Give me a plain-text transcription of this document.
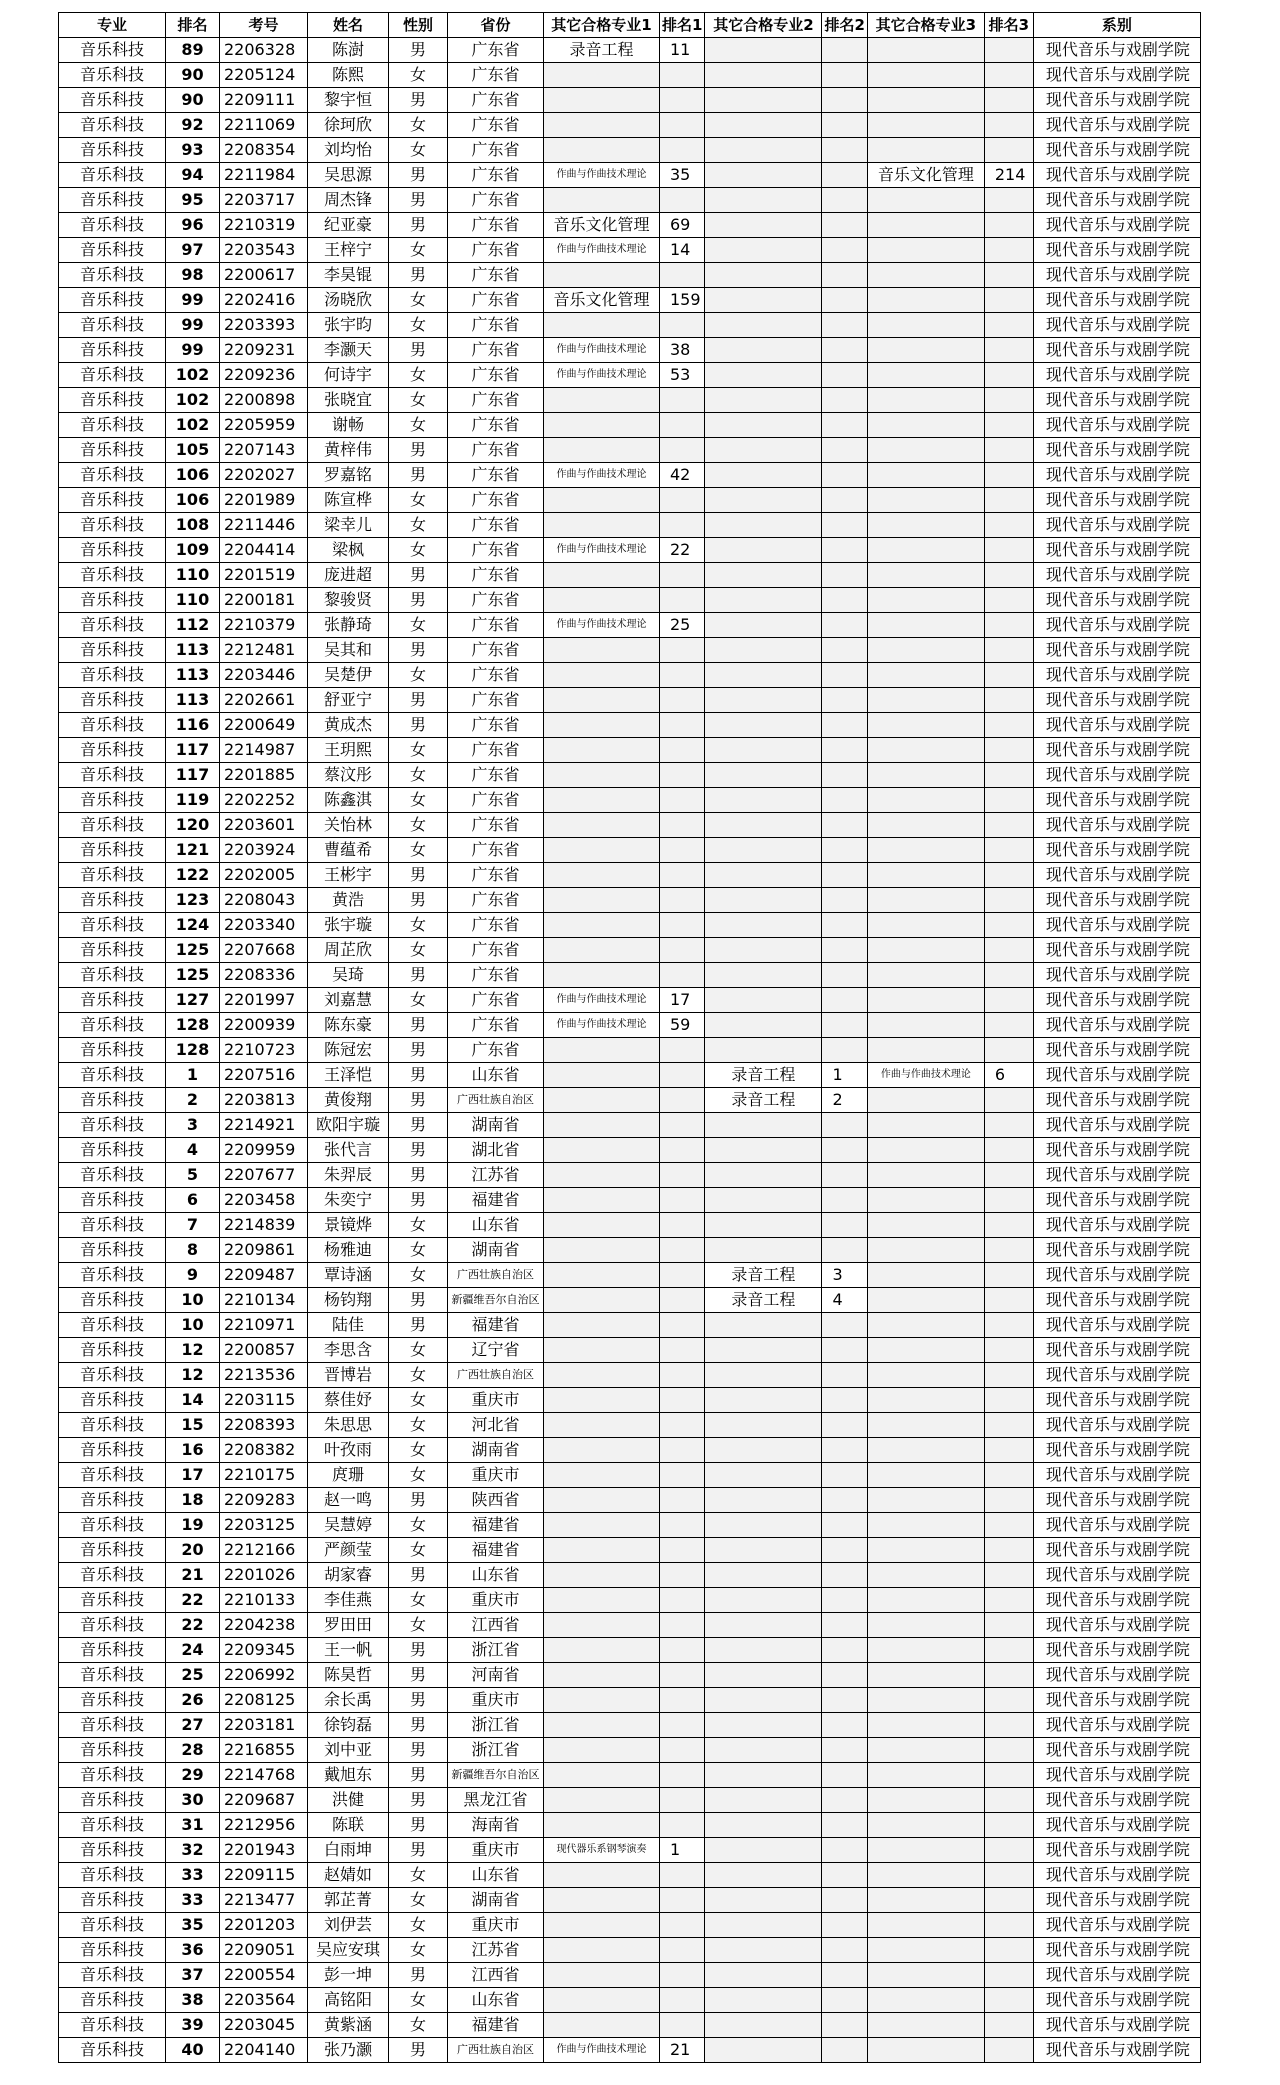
专业	排名	考号	姓名	性别	省份	其它合格专业1	排名1	其它合格专业2	排名2	其它合格专业3	排名3	系别
音乐科技	89	2206328	陈澍	男	广东省	录音工程	11					现代音乐与戏剧学院
音乐科技	90	2205124	陈熙	女	广东省							现代音乐与戏剧学院
音乐科技	90	2209111	黎宇恒	男	广东省							现代音乐与戏剧学院
音乐科技	92	2211069	徐珂欣	女	广东省							现代音乐与戏剧学院
音乐科技	93	2208354	刘均怡	女	广东省							现代音乐与戏剧学院
音乐科技	94	2211984	吴思源	男	广东省	作曲与作曲技术理论	35			音乐文化管理	214	现代音乐与戏剧学院
音乐科技	95	2203717	周杰锋	男	广东省							现代音乐与戏剧学院
音乐科技	96	2210319	纪亚豪	男	广东省	音乐文化管理	69					现代音乐与戏剧学院
音乐科技	97	2203543	王梓宁	女	广东省	作曲与作曲技术理论	14					现代音乐与戏剧学院
音乐科技	98	2200617	李昊锟	男	广东省							现代音乐与戏剧学院
音乐科技	99	2202416	汤晓欣	女	广东省	音乐文化管理	159					现代音乐与戏剧学院
音乐科技	99	2203393	张宇昀	女	广东省							现代音乐与戏剧学院
音乐科技	99	2209231	李灏天	男	广东省	作曲与作曲技术理论	38					现代音乐与戏剧学院
音乐科技	102	2209236	何诗宇	女	广东省	作曲与作曲技术理论	53					现代音乐与戏剧学院
音乐科技	102	2200898	张晓宜	女	广东省							现代音乐与戏剧学院
音乐科技	102	2205959	谢畅	女	广东省							现代音乐与戏剧学院
音乐科技	105	2207143	黄梓伟	男	广东省							现代音乐与戏剧学院
音乐科技	106	2202027	罗嘉铭	男	广东省	作曲与作曲技术理论	42					现代音乐与戏剧学院
音乐科技	106	2201989	陈宣桦	女	广东省							现代音乐与戏剧学院
音乐科技	108	2211446	梁幸儿	女	广东省							现代音乐与戏剧学院
音乐科技	109	2204414	梁枫	女	广东省	作曲与作曲技术理论	22					现代音乐与戏剧学院
音乐科技	110	2201519	庞进超	男	广东省							现代音乐与戏剧学院
音乐科技	110	2200181	黎骏贤	男	广东省							现代音乐与戏剧学院
音乐科技	112	2210379	张静琦	女	广东省	作曲与作曲技术理论	25					现代音乐与戏剧学院
音乐科技	113	2212481	吴其和	男	广东省							现代音乐与戏剧学院
音乐科技	113	2203446	吴楚伊	女	广东省							现代音乐与戏剧学院
音乐科技	113	2202661	舒亚宁	男	广东省							现代音乐与戏剧学院
音乐科技	116	2200649	黄成杰	男	广东省							现代音乐与戏剧学院
音乐科技	117	2214987	王玥熙	女	广东省							现代音乐与戏剧学院
音乐科技	117	2201885	蔡汶彤	女	广东省							现代音乐与戏剧学院
音乐科技	119	2202252	陈鑫淇	女	广东省							现代音乐与戏剧学院
音乐科技	120	2203601	关怡林	女	广东省							现代音乐与戏剧学院
音乐科技	121	2203924	曹蕴希	女	广东省							现代音乐与戏剧学院
音乐科技	122	2202005	王彬宇	男	广东省							现代音乐与戏剧学院
音乐科技	123	2208043	黄浩	男	广东省							现代音乐与戏剧学院
音乐科技	124	2203340	张宇璇	女	广东省							现代音乐与戏剧学院
音乐科技	125	2207668	周芷欣	女	广东省							现代音乐与戏剧学院
音乐科技	125	2208336	吴琦	男	广东省							现代音乐与戏剧学院
音乐科技	127	2201997	刘嘉慧	女	广东省	作曲与作曲技术理论	17					现代音乐与戏剧学院
音乐科技	128	2200939	陈东豪	男	广东省	作曲与作曲技术理论	59					现代音乐与戏剧学院
音乐科技	128	2210723	陈冠宏	男	广东省							现代音乐与戏剧学院
音乐科技	1	2207516	王泽恺	男	山东省			录音工程	1	作曲与作曲技术理论	6	现代音乐与戏剧学院
音乐科技	2	2203813	黄俊翔	男	广西壮族自治区			录音工程	2			现代音乐与戏剧学院
音乐科技	3	2214921	欧阳宇璇	男	湖南省							现代音乐与戏剧学院
音乐科技	4	2209959	张代言	男	湖北省							现代音乐与戏剧学院
音乐科技	5	2207677	朱羿辰	男	江苏省							现代音乐与戏剧学院
音乐科技	6	2203458	朱奕宁	男	福建省							现代音乐与戏剧学院
音乐科技	7	2214839	景镜烨	女	山东省							现代音乐与戏剧学院
音乐科技	8	2209861	杨雅迪	女	湖南省							现代音乐与戏剧学院
音乐科技	9	2209487	覃诗涵	女	广西壮族自治区			录音工程	3			现代音乐与戏剧学院
音乐科技	10	2210134	杨钧翔	男	新疆维吾尔自治区			录音工程	4			现代音乐与戏剧学院
音乐科技	10	2210971	陆佳	男	福建省							现代音乐与戏剧学院
音乐科技	12	2200857	李思含	女	辽宁省							现代音乐与戏剧学院
音乐科技	12	2213536	晋博岩	女	广西壮族自治区							现代音乐与戏剧学院
音乐科技	14	2203115	蔡佳妤	女	重庆市							现代音乐与戏剧学院
音乐科技	15	2208393	朱思思	女	河北省							现代音乐与戏剧学院
音乐科技	16	2208382	叶孜雨	女	湖南省							现代音乐与戏剧学院
音乐科技	17	2210175	庹珊	女	重庆市							现代音乐与戏剧学院
音乐科技	18	2209283	赵一鸣	男	陕西省							现代音乐与戏剧学院
音乐科技	19	2203125	吴慧婷	女	福建省							现代音乐与戏剧学院
音乐科技	20	2212166	严颜莹	女	福建省							现代音乐与戏剧学院
音乐科技	21	2201026	胡家睿	男	山东省							现代音乐与戏剧学院
音乐科技	22	2210133	李佳燕	女	重庆市							现代音乐与戏剧学院
音乐科技	22	2204238	罗田田	女	江西省							现代音乐与戏剧学院
音乐科技	24	2209345	王一帆	男	浙江省							现代音乐与戏剧学院
音乐科技	25	2206992	陈昊哲	男	河南省							现代音乐与戏剧学院
音乐科技	26	2208125	余长禹	男	重庆市							现代音乐与戏剧学院
音乐科技	27	2203181	徐钧磊	男	浙江省							现代音乐与戏剧学院
音乐科技	28	2216855	刘中亚	男	浙江省							现代音乐与戏剧学院
音乐科技	29	2214768	戴旭东	男	新疆维吾尔自治区							现代音乐与戏剧学院
音乐科技	30	2209687	洪健	男	黑龙江省							现代音乐与戏剧学院
音乐科技	31	2212956	陈联	男	海南省							现代音乐与戏剧学院
音乐科技	32	2201943	白雨坤	男	重庆市	现代器乐系钢琴演奏	1					现代音乐与戏剧学院
音乐科技	33	2209115	赵婧如	女	山东省							现代音乐与戏剧学院
音乐科技	33	2213477	郭芷菁	女	湖南省							现代音乐与戏剧学院
音乐科技	35	2201203	刘伊芸	女	重庆市							现代音乐与戏剧学院
音乐科技	36	2209051	吴应安琪	女	江苏省							现代音乐与戏剧学院
音乐科技	37	2200554	彭一坤	男	江西省							现代音乐与戏剧学院
音乐科技	38	2203564	高铭阳	女	山东省							现代音乐与戏剧学院
音乐科技	39	2203045	黄紫涵	女	福建省							现代音乐与戏剧学院
音乐科技	40	2204140	张乃灏	男	广西壮族自治区	作曲与作曲技术理论	21					现代音乐与戏剧学院
